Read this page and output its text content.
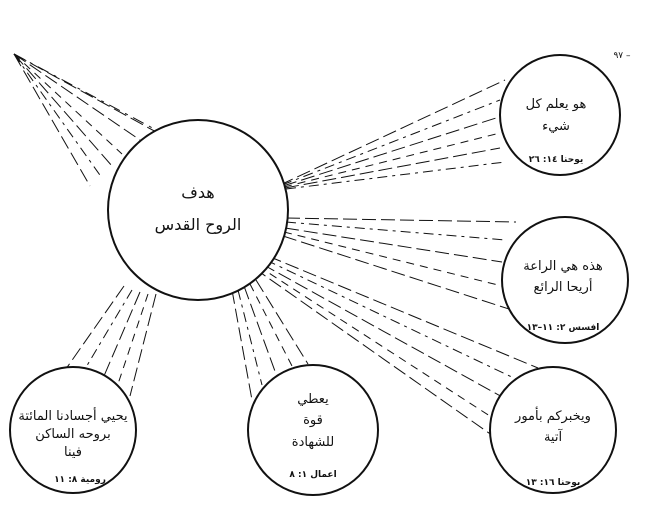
٩٧ –
هدف
الروح القدس
هو يعلم كل
شيء
يوحنا ١٤: ٢٦
هذه هي الراعة
أريحا الرائع
افسس ٢: ١١–١٣
ويخبركم بأمور
آتية
يوحنا ١٦: ١٣
يعطي
قوة
للشهادة
اعمال ١: ٨
يحيي أجسادنا المائتة
بروحه الساكن
فينا
رومية ٨: ١١
